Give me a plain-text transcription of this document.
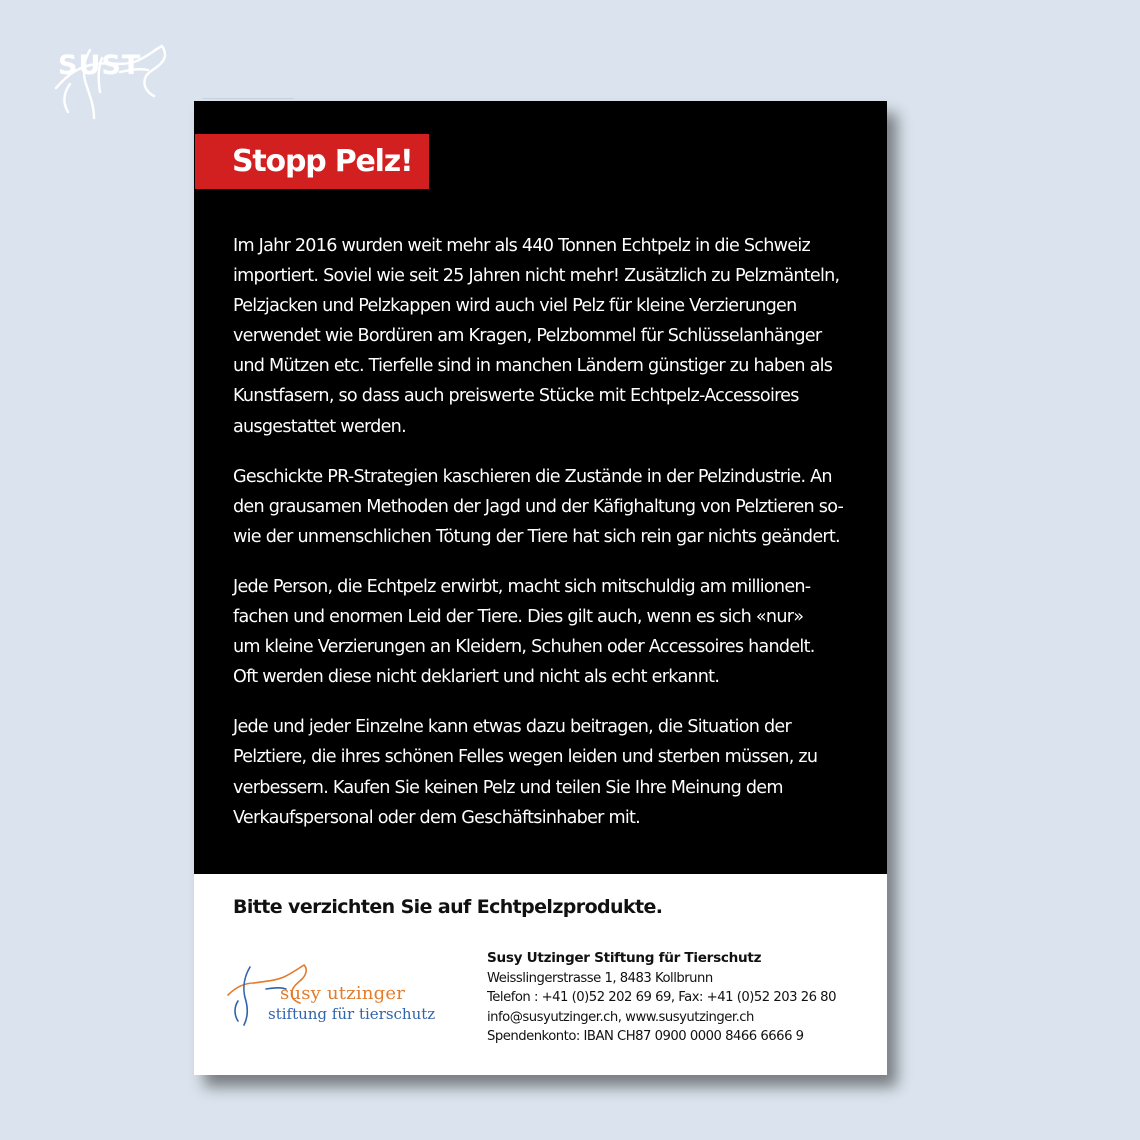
SUST
Stopp Pelz!

Im Jahr 2016 wurden weit mehr als 440 Tonnen Echtpelz in die Schweiz
importiert. Soviel wie seit 25 Jahren nicht mehr! Zusätzlich zu Pelzmänteln,
Pelzjacken und Pelzkappen wird auch viel Pelz für kleine Verzierungen
verwendet wie Bordüren am Kragen, Pelzbommel für Schlüsselanhänger
und Mützen etc. Tierfelle sind in manchen Ländern günstiger zu haben als
Kunstfasern, so dass auch preiswerte Stücke mit Echtpelz-Accessoires
ausgestattet werden.

Geschickte PR-Strategien kaschieren die Zustände in der Pelzindustrie. An
den grausamen Methoden der Jagd und der Käfighaltung von Pelztieren so-
wie der unmenschlichen Tötung der Tiere hat sich rein gar nichts geändert.

Jede Person, die Echtpelz erwirbt, macht sich mitschuldig am millionen-
fachen und enormen Leid der Tiere. Dies gilt auch, wenn es sich «nur»
um kleine Verzierungen an Kleidern, Schuhen oder Accessoires handelt.
Oft werden diese nicht deklariert und nicht als echt erkannt.

Jede und jeder Einzelne kann etwas dazu beitragen, die Situation der
Pelztiere, die ihres schönen Felles wegen leiden und sterben müssen, zu
verbessern. Kaufen Sie keinen Pelz und teilen Sie Ihre Meinung dem
Verkaufspersonal oder dem Geschäftsinhaber mit.

Bitte verzichten Sie auf Echtpelzprodukte.
susy utzinger
stiftung für tierschutz
Susy Utzinger Stiftung für Tierschutz
Weisslingerstrasse 1, 8483 Kollbrunn
Telefon : +41 (0)52 202 69 69, Fax: +41 (0)52 203 26 80
info@susyutzinger.ch, www.susyutzinger.ch
Spendenkonto: IBAN CH87 0900 0000 8466 6666 9
